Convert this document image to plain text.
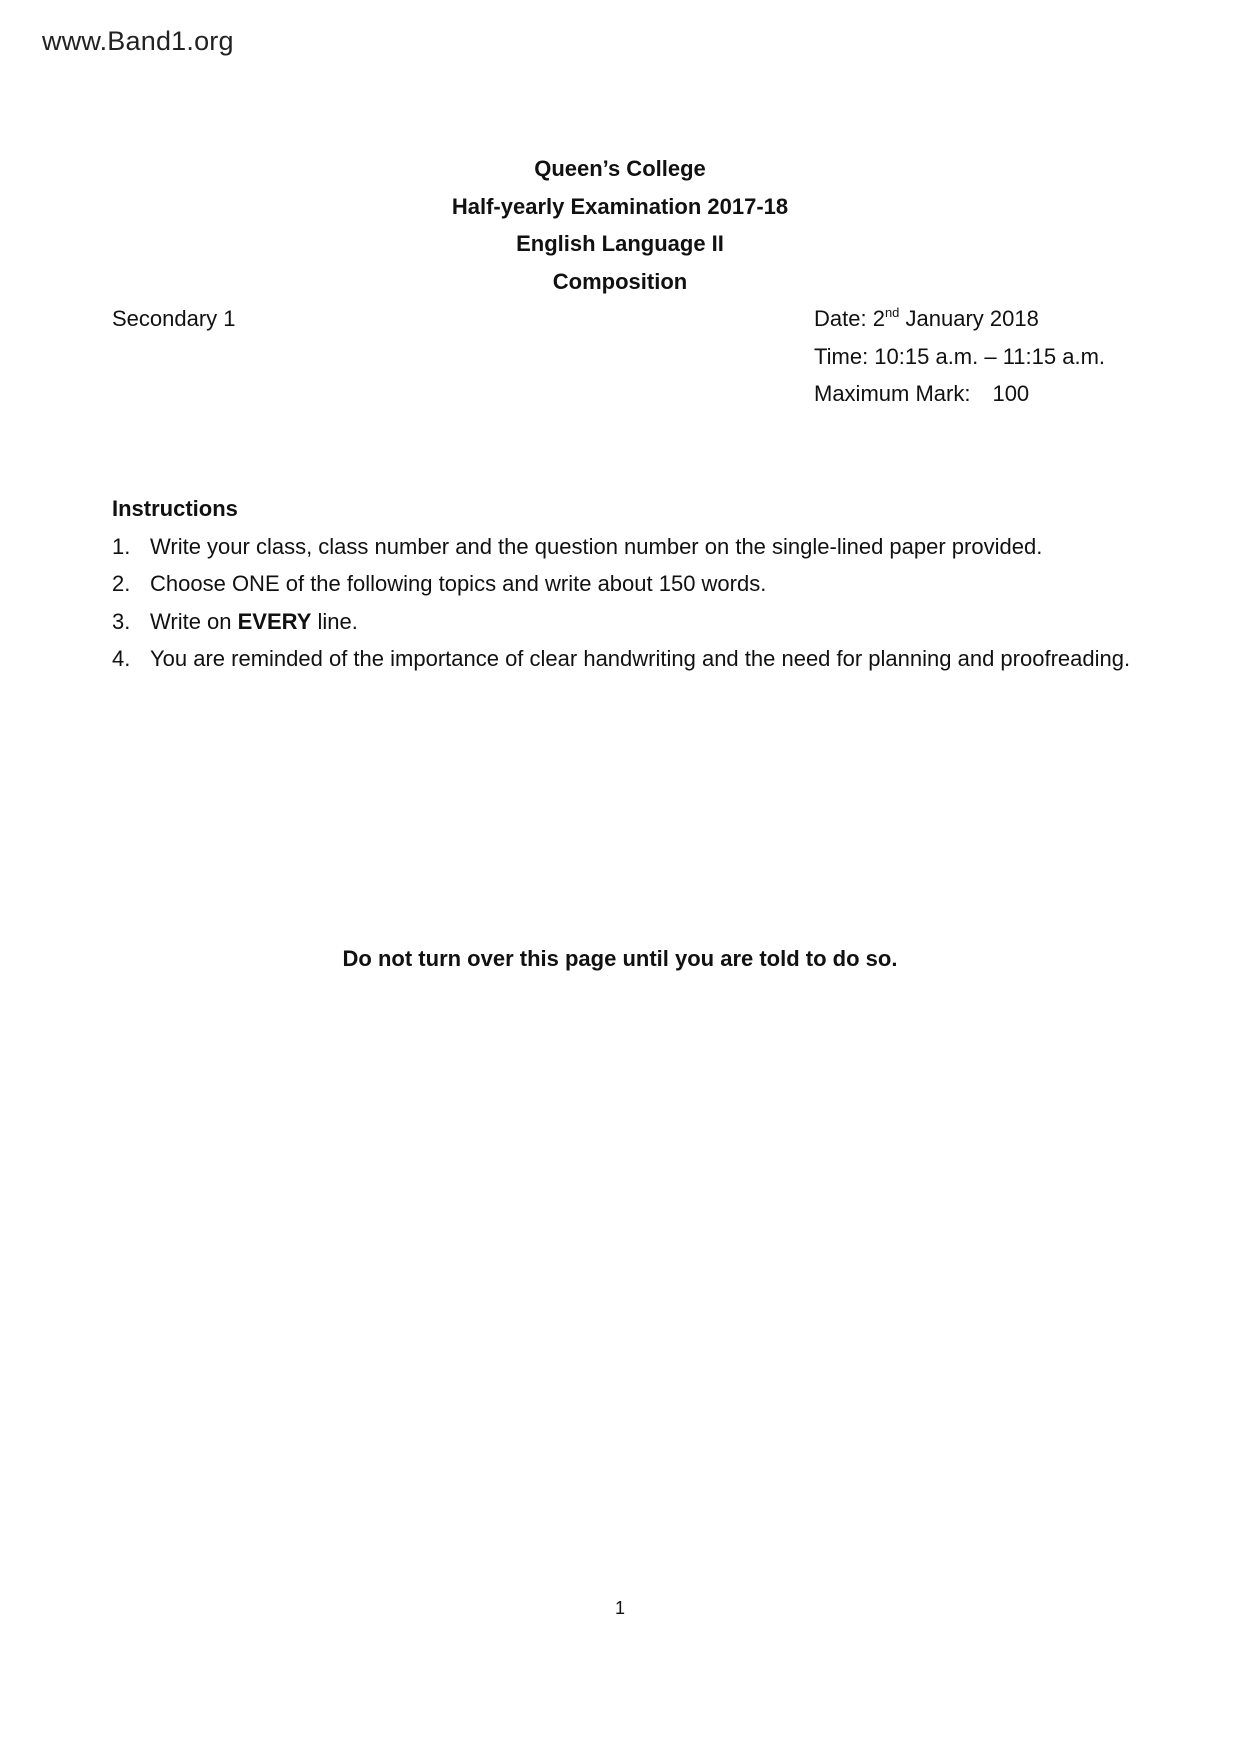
www.Band1.org
Queen’s College
Half-yearly Examination 2017-18
English Language II
Composition
Secondary 1	Date: 2nd January 2018
Time: 10:15 a.m. – 11:15 a.m.
Maximum Mark: 100
Instructions
1. Write your class, class number and the question number on the single-lined paper provided.
2. Choose ONE of the following topics and write about 150 words.
3. Write on EVERY line.
4. You are reminded of the importance of clear handwriting and the need for planning and proofreading.
Do not turn over this page until you are told to do so.
1
